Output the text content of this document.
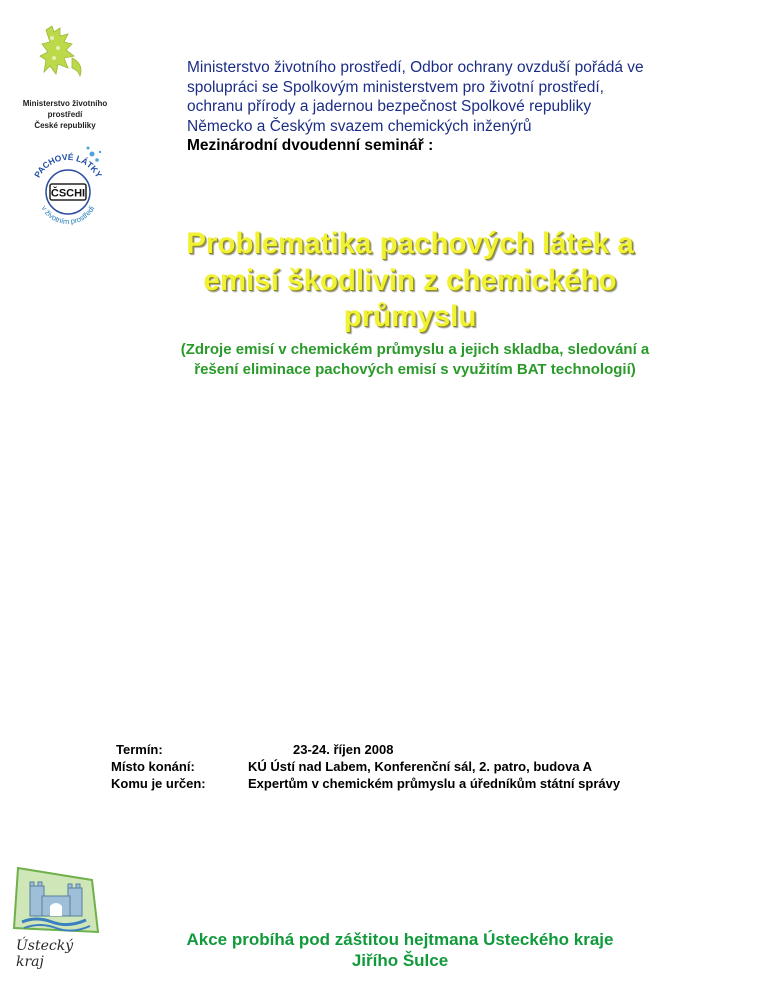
Ministerstvo životního prostředí
České republiky
ČSCHI
PACHOVÉ LÁTKY
v životním prostředí
Ministerstvo životního prostředí, Odbor ochrany ovzduší pořádá ve
spolupráci se Spolkovým ministerstvem pro životní prostředí,
ochranu přírody a jadernou bezpečnost Spolkové republiky
Německo a Českým svazem chemických inženýrů
Mezinárodní dvoudenní seminář :
Problematika pachových látek a
emisí škodlivin z chemického
průmyslu
(Zdroje emisí v chemickém průmyslu a jejich skladba, sledování a
řešení eliminace pachových emisí s využitím BAT technologií)
Termín:	23-24. říjen 2008
Místo konání:	KÚ Ústí nad Labem, Konferenční sál, 2. patro, budova A
Komu je určen:	Expertům v chemickém průmyslu a úředníkům státní správy
Ústecký kraj
Akce probíhá pod záštitou hejtmana Ústeckého kraje
Jiřího Šulce
